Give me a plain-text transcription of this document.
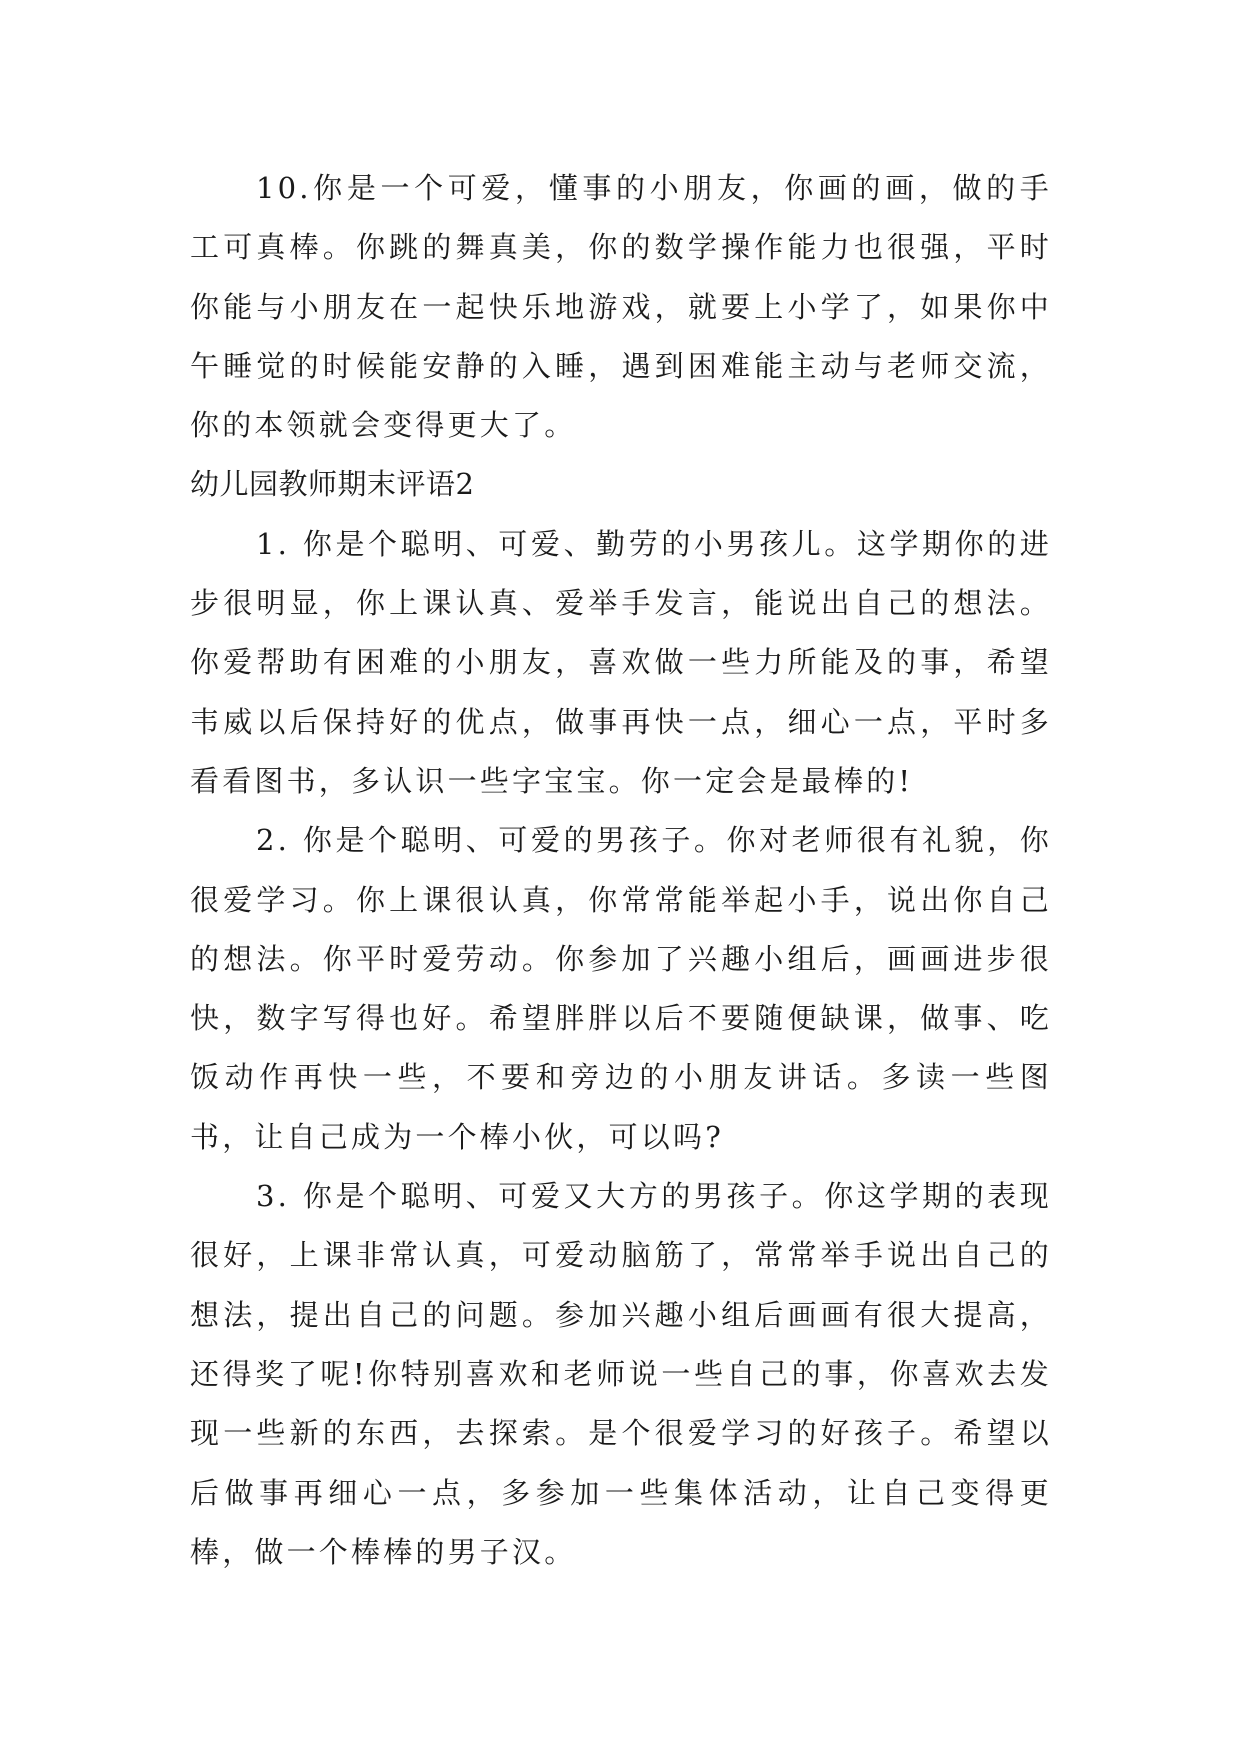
10.你是一个可爱，懂事的小朋友，你画的画，做的手工可真棒。你跳的舞真美，你的数学操作能力也很强，平时你能与小朋友在一起快乐地游戏，就要上小学了，如果你中午睡觉的时候能安静的入睡，遇到困难能主动与老师交流，你的本领就会变得更大了。

幼儿园教师期末评语2

1. 你是个聪明、可爱、勤劳的小男孩儿。这学期你的进步很明显，你上课认真、爱举手发言，能说出自己的想法。你爱帮助有困难的小朋友，喜欢做一些力所能及的事，希望韦威以后保持好的优点，做事再快一点，细心一点，平时多看看图书，多认识一些字宝宝。你一定会是最棒的!

2. 你是个聪明、可爱的男孩子。你对老师很有礼貌，你很爱学习。你上课很认真，你常常能举起小手，说出你自己的想法。你平时爱劳动。你参加了兴趣小组后，画画进步很快，数字写得也好。希望胖胖以后不要随便缺课，做事、吃饭动作再快一些，不要和旁边的小朋友讲话。多读一些图书，让自己成为一个棒小伙，可以吗?

3. 你是个聪明、可爱又大方的男孩子。你这学期的表现很好，上课非常认真，可爱动脑筋了，常常举手说出自己的想法，提出自己的问题。参加兴趣小组后画画有很大提高，还得奖了呢!你特别喜欢和老师说一些自己的事，你喜欢去发现一些新的东西，去探索。是个很爱学习的好孩子。希望以后做事再细心一点，多参加一些集体活动，让自己变得更棒，做一个棒棒的男子汉。
